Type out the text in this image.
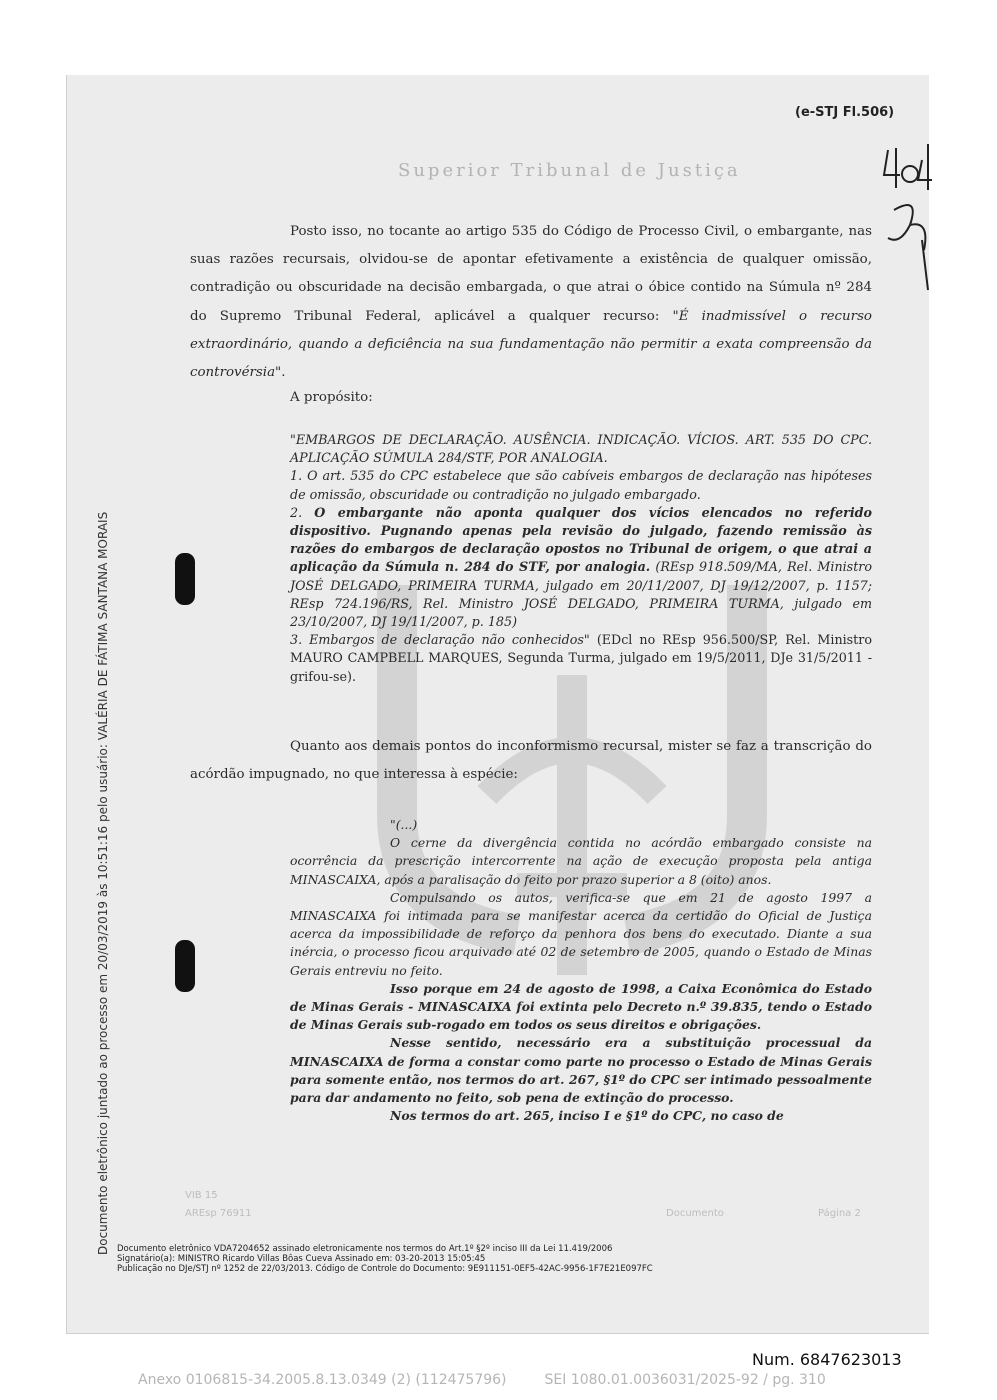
(e-STJ Fl.506)
Superior Tribunal de Justiça

Posto isso, no tocante ao artigo 535 do Código de Processo Civil, o embargante, nas suas razões recursais, olvidou-se de apontar efetivamente a existência de qualquer omissão, contradição ou obscuridade na decisão embargada, o que atrai o óbice contido na Súmula nº 284 do Supremo Tribunal Federal, aplicável a qualquer recurso: "É inadmissível o recurso extraordinário, quando a deficiência na sua fundamentação não permitir a exata compreensão da controvérsia".

A propósito:

"EMBARGOS DE DECLARAÇÃO. AUSÊNCIA. INDICAÇÃO. VÍCIOS. ART. 535 DO CPC. APLICAÇÃO SÚMULA 284/STF, POR ANALOGIA.
1. O art. 535 do CPC estabelece que são cabíveis embargos de declaração nas hipóteses de omissão, obscuridade ou contradição no julgado embargado.
2. O embargante não aponta qualquer dos vícios elencados no referido dispositivo. Pugnando apenas pela revisão do julgado, fazendo remissão às razões do embargos de declaração opostos no Tribunal de origem, o que atrai a aplicação da Súmula n. 284 do STF, por analogia. (REsp 918.509/MA, Rel. Ministro JOSÉ DELGADO, PRIMEIRA TURMA, julgado em 20/11/2007, DJ 19/12/2007, p. 1157; REsp 724.196/RS, Rel. Ministro JOSÉ DELGADO, PRIMEIRA TURMA, julgado em 23/10/2007, DJ 19/11/2007, p. 185)
3. Embargos de declaração não conhecidos" (EDcl no REsp 956.500/SP, Rel. Ministro MAURO CAMPBELL MARQUES, Segunda Turma, julgado em 19/5/2011, DJe 31/5/2011 - grifou-se).

Quanto aos demais pontos do inconformismo recursal, mister se faz a transcrição do acórdão impugnado, no que interessa à espécie:

"(...)
O cerne da divergência contida no acórdão embargado consiste na ocorrência da prescrição intercorrente na ação de execução proposta pela antiga MINASCAIXA, após a paralisação do feito por prazo superior a 8 (oito) anos.
Compulsando os autos, verifica-se que em 21 de agosto 1997 a MINASCAIXA foi intimada para se manifestar acerca da certidão do Oficial de Justiça acerca da impossibilidade de reforço da penhora dos bens do executado. Diante a sua inércia, o processo ficou arquivado até 02 de setembro de 2005, quando o Estado de Minas Gerais entreviu no feito.
Isso porque em 24 de agosto de 1998, a Caixa Econômica do Estado de Minas Gerais - MINASCAIXA foi extinta pelo Decreto n.º 39.835, tendo o Estado de Minas Gerais sub-rogado em todos os seus direitos e obrigações.
Nesse sentido, necessário era a substituição processual da MINASCAIXA de forma a constar como parte no processo o Estado de Minas Gerais para somente então, nos termos do art. 267, §1º do CPC ser intimado pessoalmente para dar andamento no feito, sob pena de extinção do processo.
Nos termos do art. 265, inciso I e §1º do CPC, no caso de
Documento eletrônico juntado ao processo em 20/03/2019 às 10:51:16 pelo usuário: VALÉRIA DE FÁTIMA SANTANA MORAIS	VIB 15
AREsp 76911	Documento	Página 2
Documento eletrônico VDA7204652 assinado eletronicamente nos termos do Art.1º §2º inciso III da Lei 11.419/2006
Signatário(a): MINISTRO Ricardo Villas Bôas Cueva Assinado em: 03-20-2013 15:05:45
Publicação no DJe/STJ nº 1252 de 22/03/2013. Código de Controle do Documento: 9E911151-0EF5-42AC-9956-1F7E21E097FC
Num. 6847623013
Anexo 0106815-34.2005.8.13.0349 (2) (112475796)	SEI 1080.01.0036031/2025-92 / pg. 310
